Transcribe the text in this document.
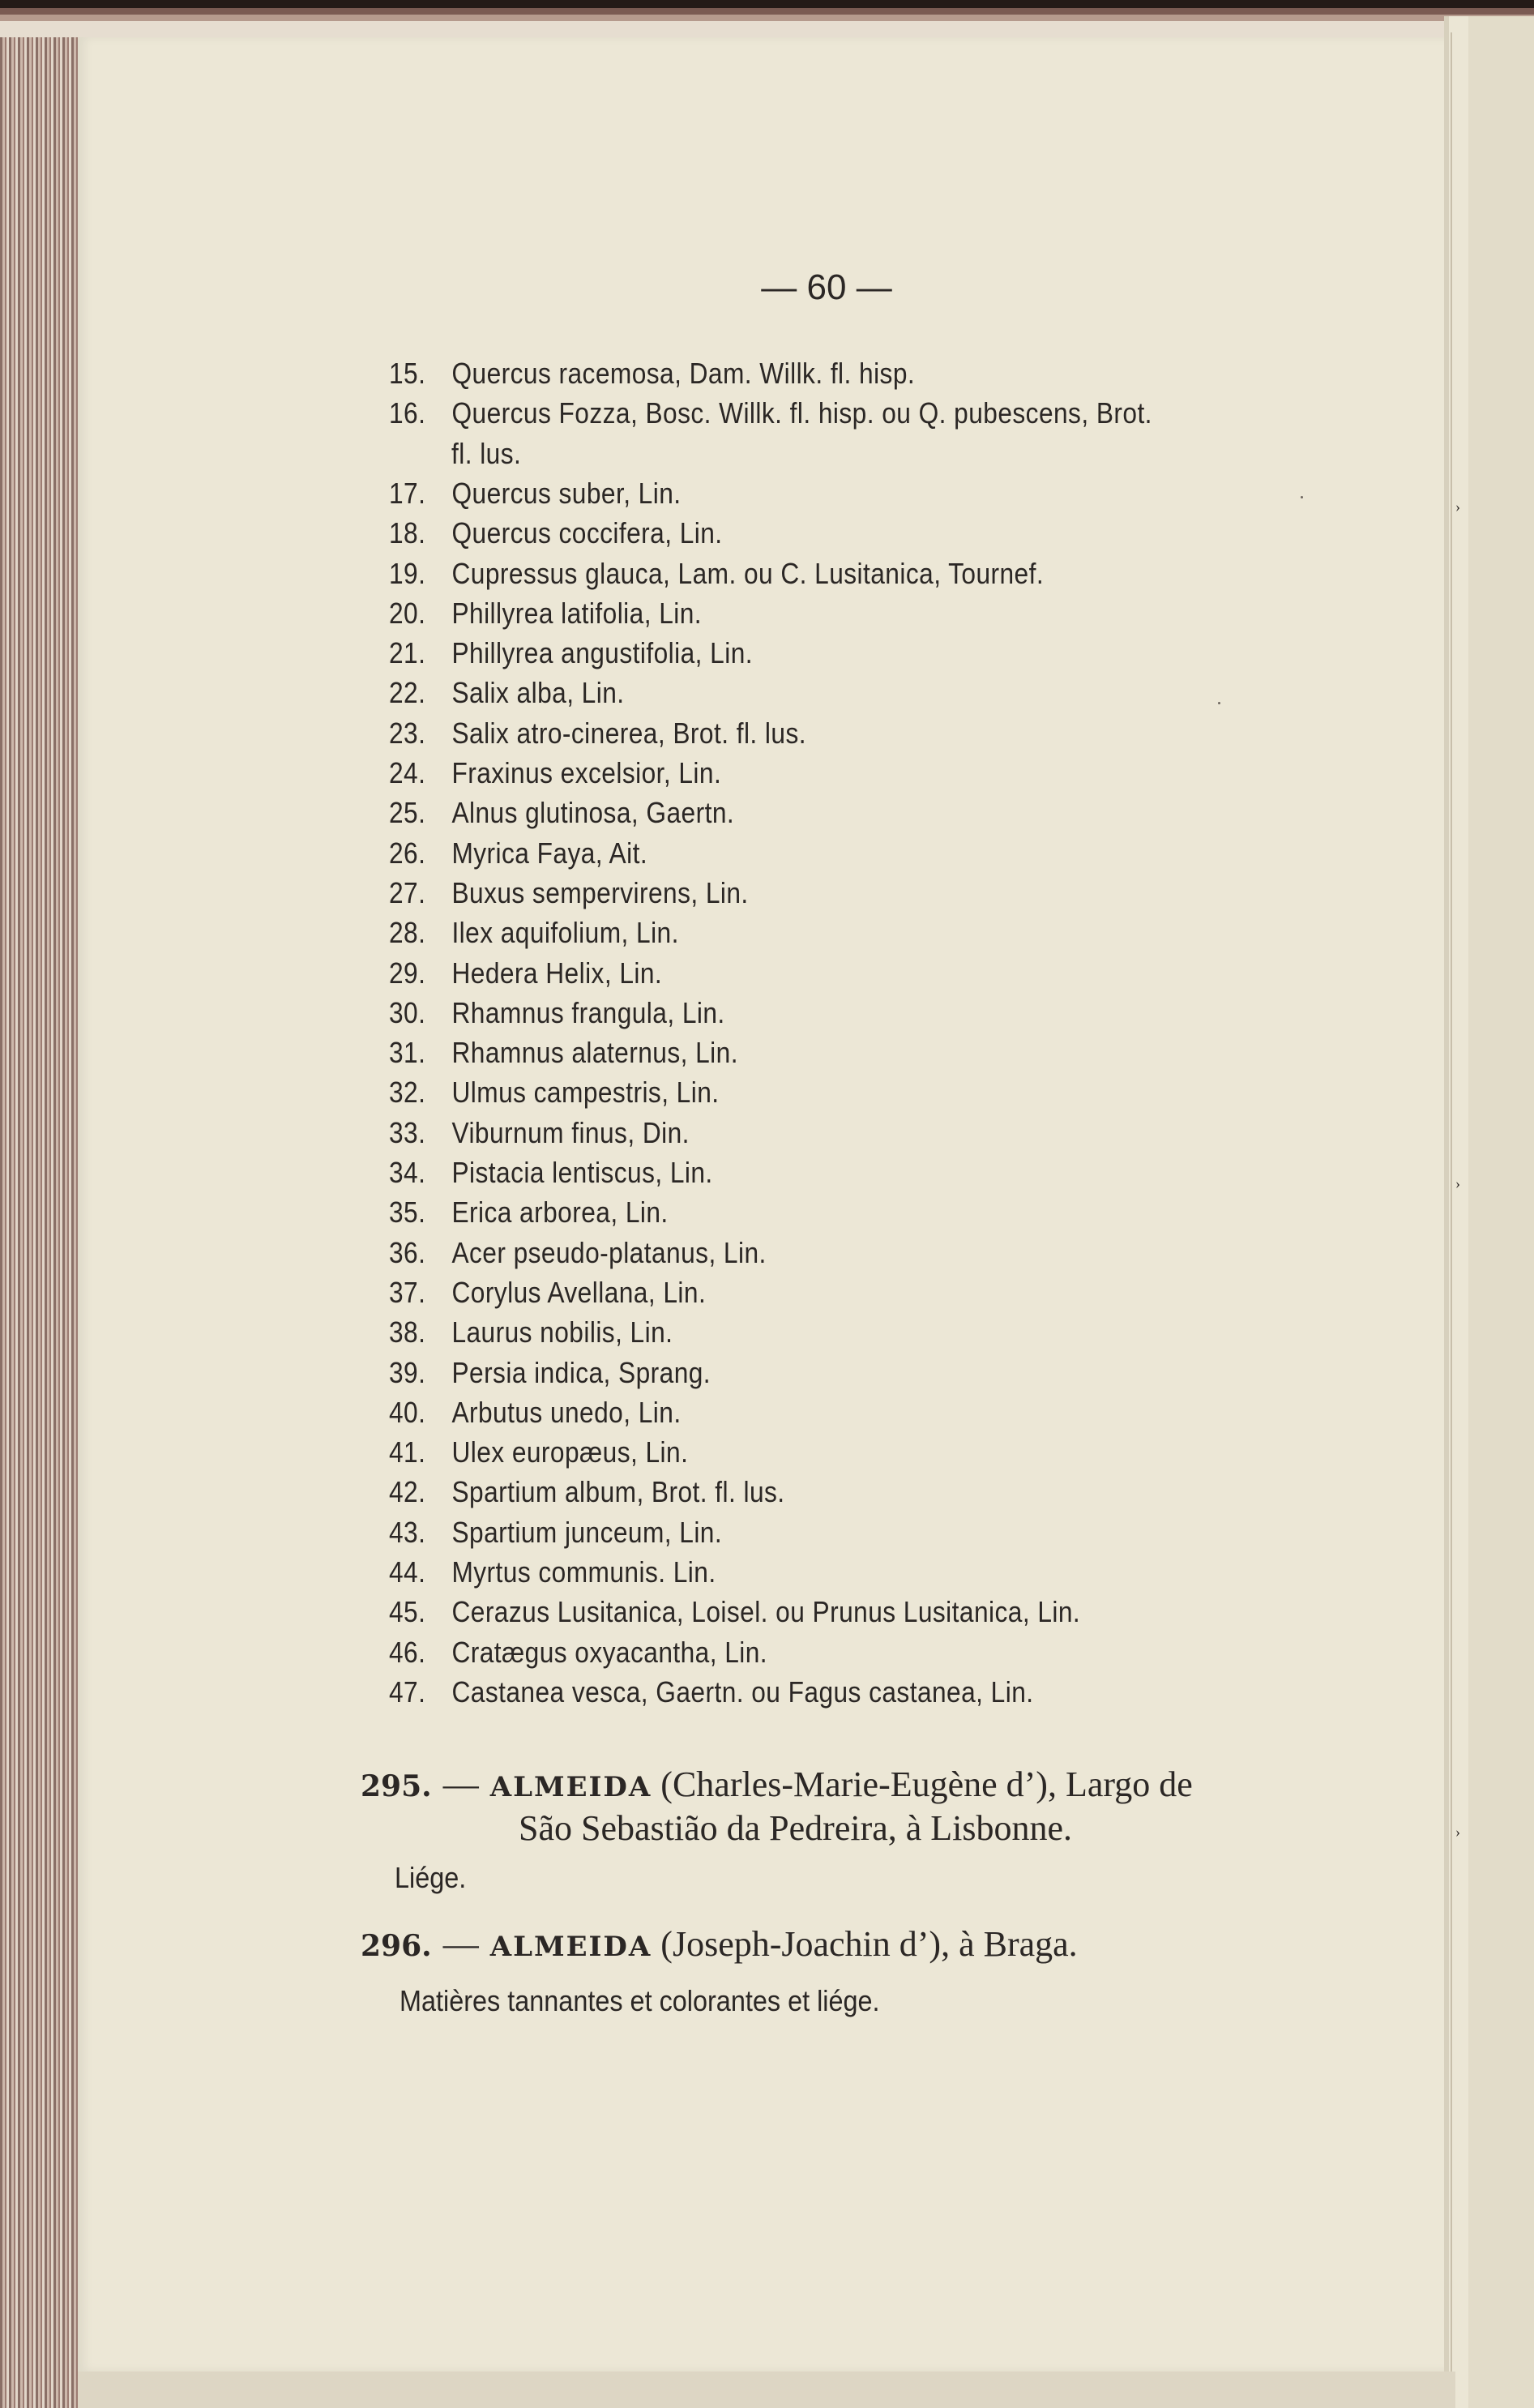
›
›
›
— 60 —
15. Quercus racemosa, Dam. Willk. fl. hisp.
16. Quercus Fozza, Bosc. Willk. fl. hisp. ou Q. pubescens, Brot.
fl. lus.
17. Quercus suber, Lin.
18. Quercus coccifera, Lin.
19. Cupressus glauca, Lam. ou C. Lusitanica, Tournef.
20. Phillyrea latifolia, Lin.
21. Phillyrea angustifolia, Lin.
22. Salix alba, Lin.
23. Salix atro-cinerea, Brot. fl. lus.
24. Fraxinus excelsior, Lin.
25. Alnus glutinosa, Gaertn.
26. Myrica Faya, Ait.
27. Buxus sempervirens, Lin.
28. Ilex aquifolium, Lin.
29. Hedera Helix, Lin.
30. Rhamnus frangula, Lin.
31. Rhamnus alaternus, Lin.
32. Ulmus campestris, Lin.
33. Viburnum finus, Din.
34. Pistacia lentiscus, Lin.
35. Erica arborea, Lin.
36. Acer pseudo-platanus, Lin.
37. Corylus Avellana, Lin.
38. Laurus nobilis, Lin.
39. Persia indica, Sprang.
40. Arbutus unedo, Lin.
41. Ulex europæus, Lin.
42. Spartium album, Brot. fl. lus.
43. Spartium junceum, Lin.
44. Myrtus communis. Lin.
45. Cerazus Lusitanica, Loisel. ou Prunus Lusitanica, Lin.
46. Cratægus oxyacantha, Lin.
47. Castanea vesca, Gaertn. ou Fagus castanea, Lin.
295. — ALMEIDA (Charles-Marie-Eugène d’), Largo de
São Sebastião da Pedreira, à Lisbonne.
Liége.
296. — ALMEIDA (Joseph-Joachin d’), à Braga.
Matières tannantes et colorantes et liége.
